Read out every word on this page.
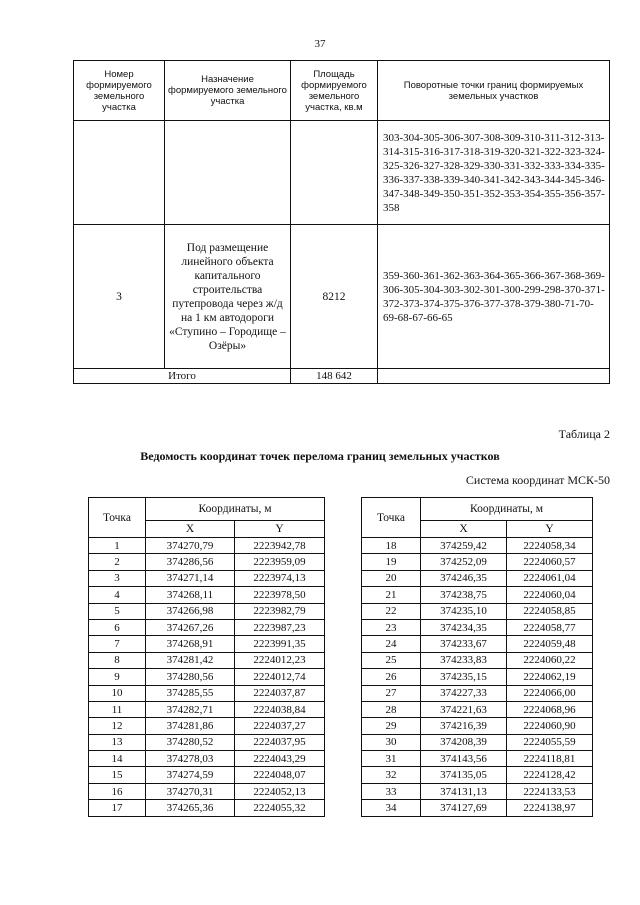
37
Номер формируемого земельного участка	Назначение формируемого земельного участка	Площадь формируемого земельного участка, кв.м	Поворотные точки границ формируемых земельных участков
			303-304-305-306-307-308-309-310-311-312-313-314-315-316-317-318-319-320-321-322-323-324-325-326-327-328-329-330-331-332-333-334-335-336-337-338-339-340-341-342-343-344-345-346-347-348-349-350-351-352-353-354-355-356-357-358
3	Под размещение линейного объекта капитального строительства путепровода через ж/д на 1 км автодороги «Ступино – Городище – Озёры»	8212	359-360-361-362-363-364-365-366-367-368-369-306-305-304-303-302-301-300-299-298-370-371-372-373-374-375-376-377-378-379-380-71-70-69-68-67-66-65
Итого		148 642	
Таблица 2
Ведомость координат точек перелома границ земельных участков
Система координат МСК-50
Точка	Координаты, м	
	X	Y
1	374270,79	2223942,78
2	374286,56	2223959,09
3	374271,14	2223974,13
4	374268,11	2223978,50
5	374266,98	2223982,79
6	374267,26	2223987,23
7	374268,91	2223991,35
8	374281,42	2224012,23
9	374280,56	2224012,74
10	374285,55	2224037,87
11	374282,71	2224038,84
12	374281,86	2224037,27
13	374280,52	2224037,95
14	374278,03	2224043,29
15	374274,59	2224048,07
16	374270,31	2224052,13
17	374265,36	2224055,32
Точка	Координаты, м	
	X	Y
18	374259,42	2224058,34
19	374252,09	2224060,57
20	374246,35	2224061,04
21	374238,75	2224060,04
22	374235,10	2224058,85
23	374234,35	2224058,77
24	374233,67	2224059,48
25	374233,83	2224060,22
26	374235,15	2224062,19
27	374227,33	2224066,00
28	374221,63	2224068,96
29	374216,39	2224060,90
30	374208,39	2224055,59
31	374143,56	2224118,81
32	374135,05	2224128,42
33	374131,13	2224133,53
34	374127,69	2224138,97
